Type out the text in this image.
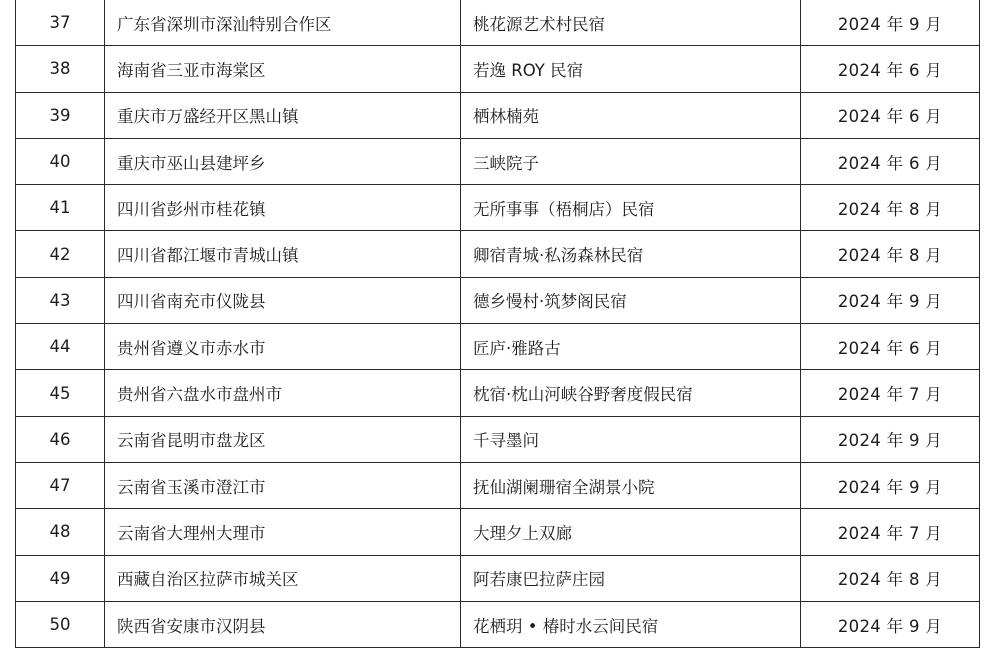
37	广东省深圳市深汕特别合作区	桃花源艺术村民宿	2024 年 9 月
38	海南省三亚市海棠区	若逸 ROY 民宿	2024 年 6 月
39	重庆市万盛经开区黑山镇	栖林楠苑	2024 年 6 月
40	重庆市巫山县建坪乡	三峡院子	2024 年 6 月
41	四川省彭州市桂花镇	无所事事（梧桐店）民宿	2024 年 8 月
42	四川省都江堰市青城山镇	卿宿青城·私汤森林民宿	2024 年 8 月
43	四川省南充市仪陇县	德乡慢村·筑梦阁民宿	2024 年 9 月
44	贵州省遵义市赤水市	匠庐·雅路古	2024 年 6 月
45	贵州省六盘水市盘州市	枕宿·枕山河峡谷野奢度假民宿	2024 年 7 月
46	云南省昆明市盘龙区	千寻墨问	2024 年 9 月
47	云南省玉溪市澄江市	抚仙湖阑珊宿全湖景小院	2024 年 9 月
48	云南省大理州大理市	大理夕上双廊	2024 年 7 月
49	西藏自治区拉萨市城关区	阿若康巴拉萨庄园	2024 年 8 月
50	陕西省安康市汉阴县	花栖玥 • 椿时水云间民宿	2024 年 9 月
